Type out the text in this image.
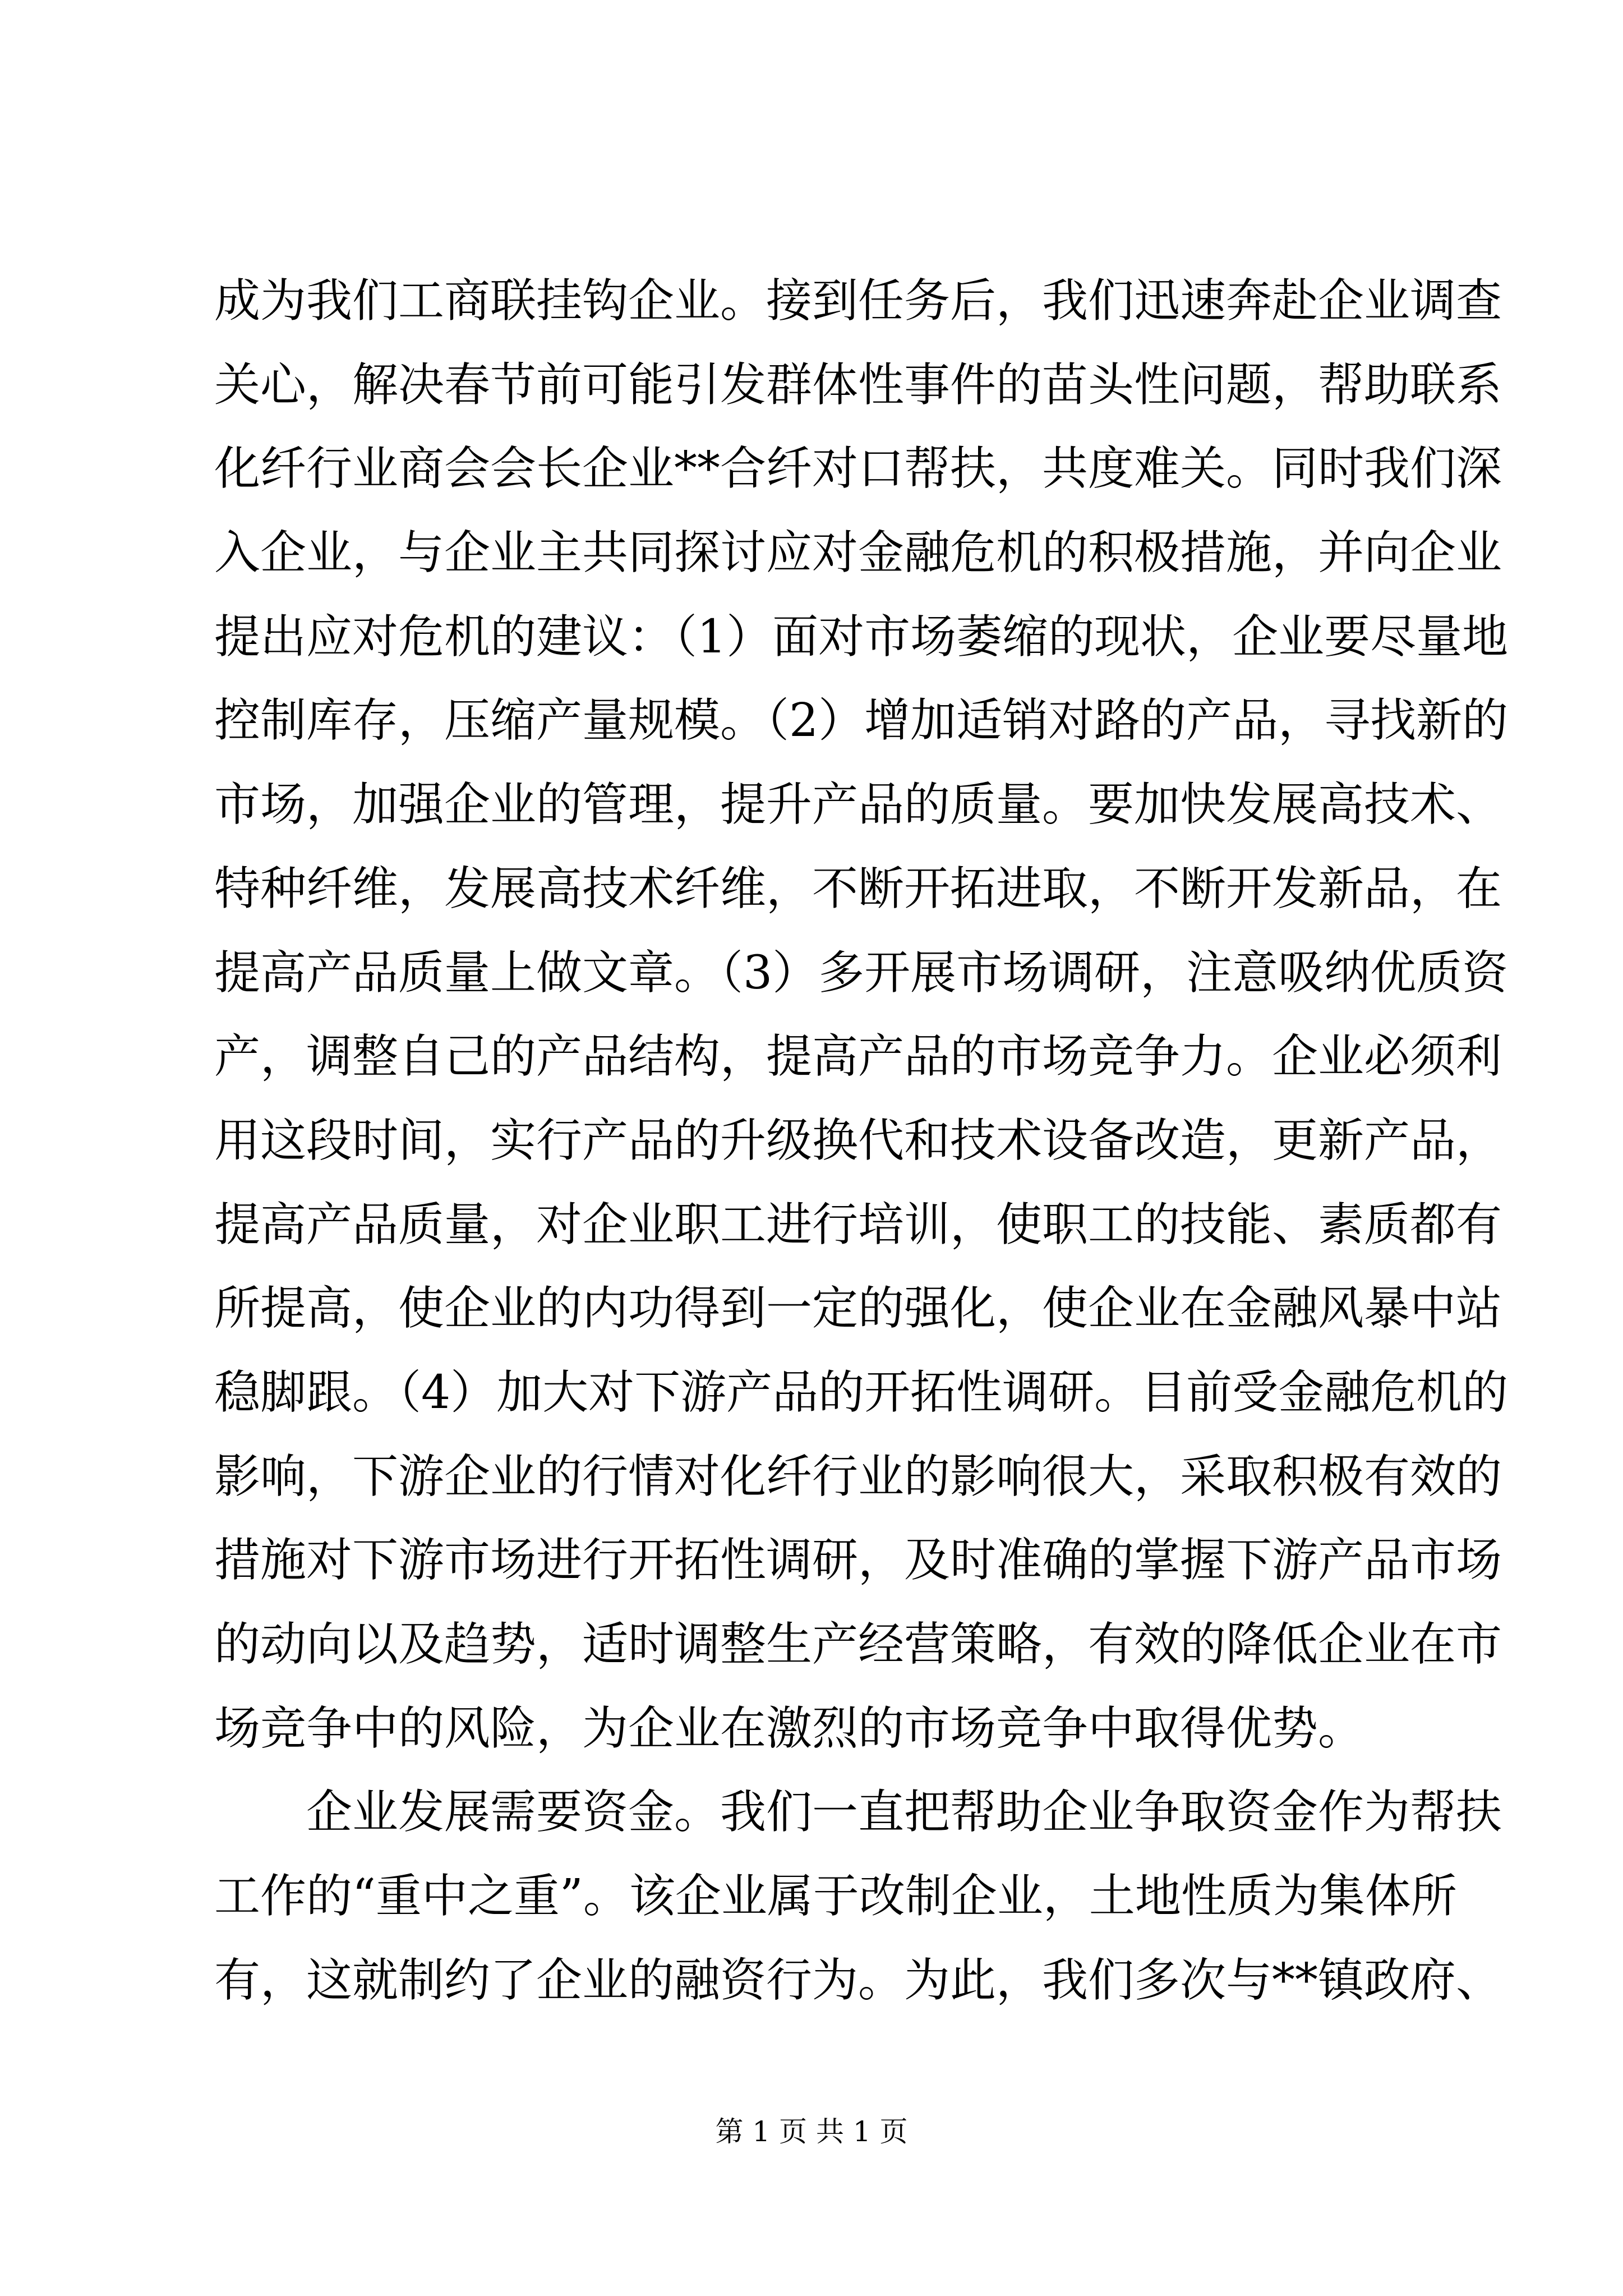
成为我们工商联挂钩企业。接到任务后，我们迅速奔赴企业调查
关心，解决春节前可能引发群体性事件的苗头性问题，帮助联系
化纤行业商会会长企业**合纤对口帮扶，共度难关。同时我们深
入企业，与企业主共同探讨应对金融危机的积极措施，并向企业
提出应对危机的建议：（1）面对市场萎缩的现状，企业要尽量地
控制库存，压缩产量规模。（2）增加适销对路的产品，寻找新的
市场，加强企业的管理，提升产品的质量。要加快发展高技术、
特种纤维，发展高技术纤维，不断开拓进取，不断开发新品，在
提高产品质量上做文章。（3）多开展市场调研，注意吸纳优质资
产，调整自己的产品结构，提高产品的市场竞争力。企业必须利
用这段时间，实行产品的升级换代和技术设备改造，更新产品，
提高产品质量，对企业职工进行培训，使职工的技能、素质都有
所提高，使企业的内功得到一定的强化，使企业在金融风暴中站
稳脚跟。（4）加大对下游产品的开拓性调研。目前受金融危机的
影响，下游企业的行情对化纤行业的影响很大，采取积极有效的
措施对下游市场进行开拓性调研，及时准确的掌握下游产品市场
的动向以及趋势，适时调整生产经营策略，有效的降低企业在市
场竞争中的风险，为企业在激烈的市场竞争中取得优势。
企业发展需要资金。我们一直把帮助企业争取资金作为帮扶
工作的“重中之重”。该企业属于改制企业，土地性质为集体所
有，这就制约了企业的融资行为。为此，我们多次与**镇政府、
第 1 页 共 1 页
